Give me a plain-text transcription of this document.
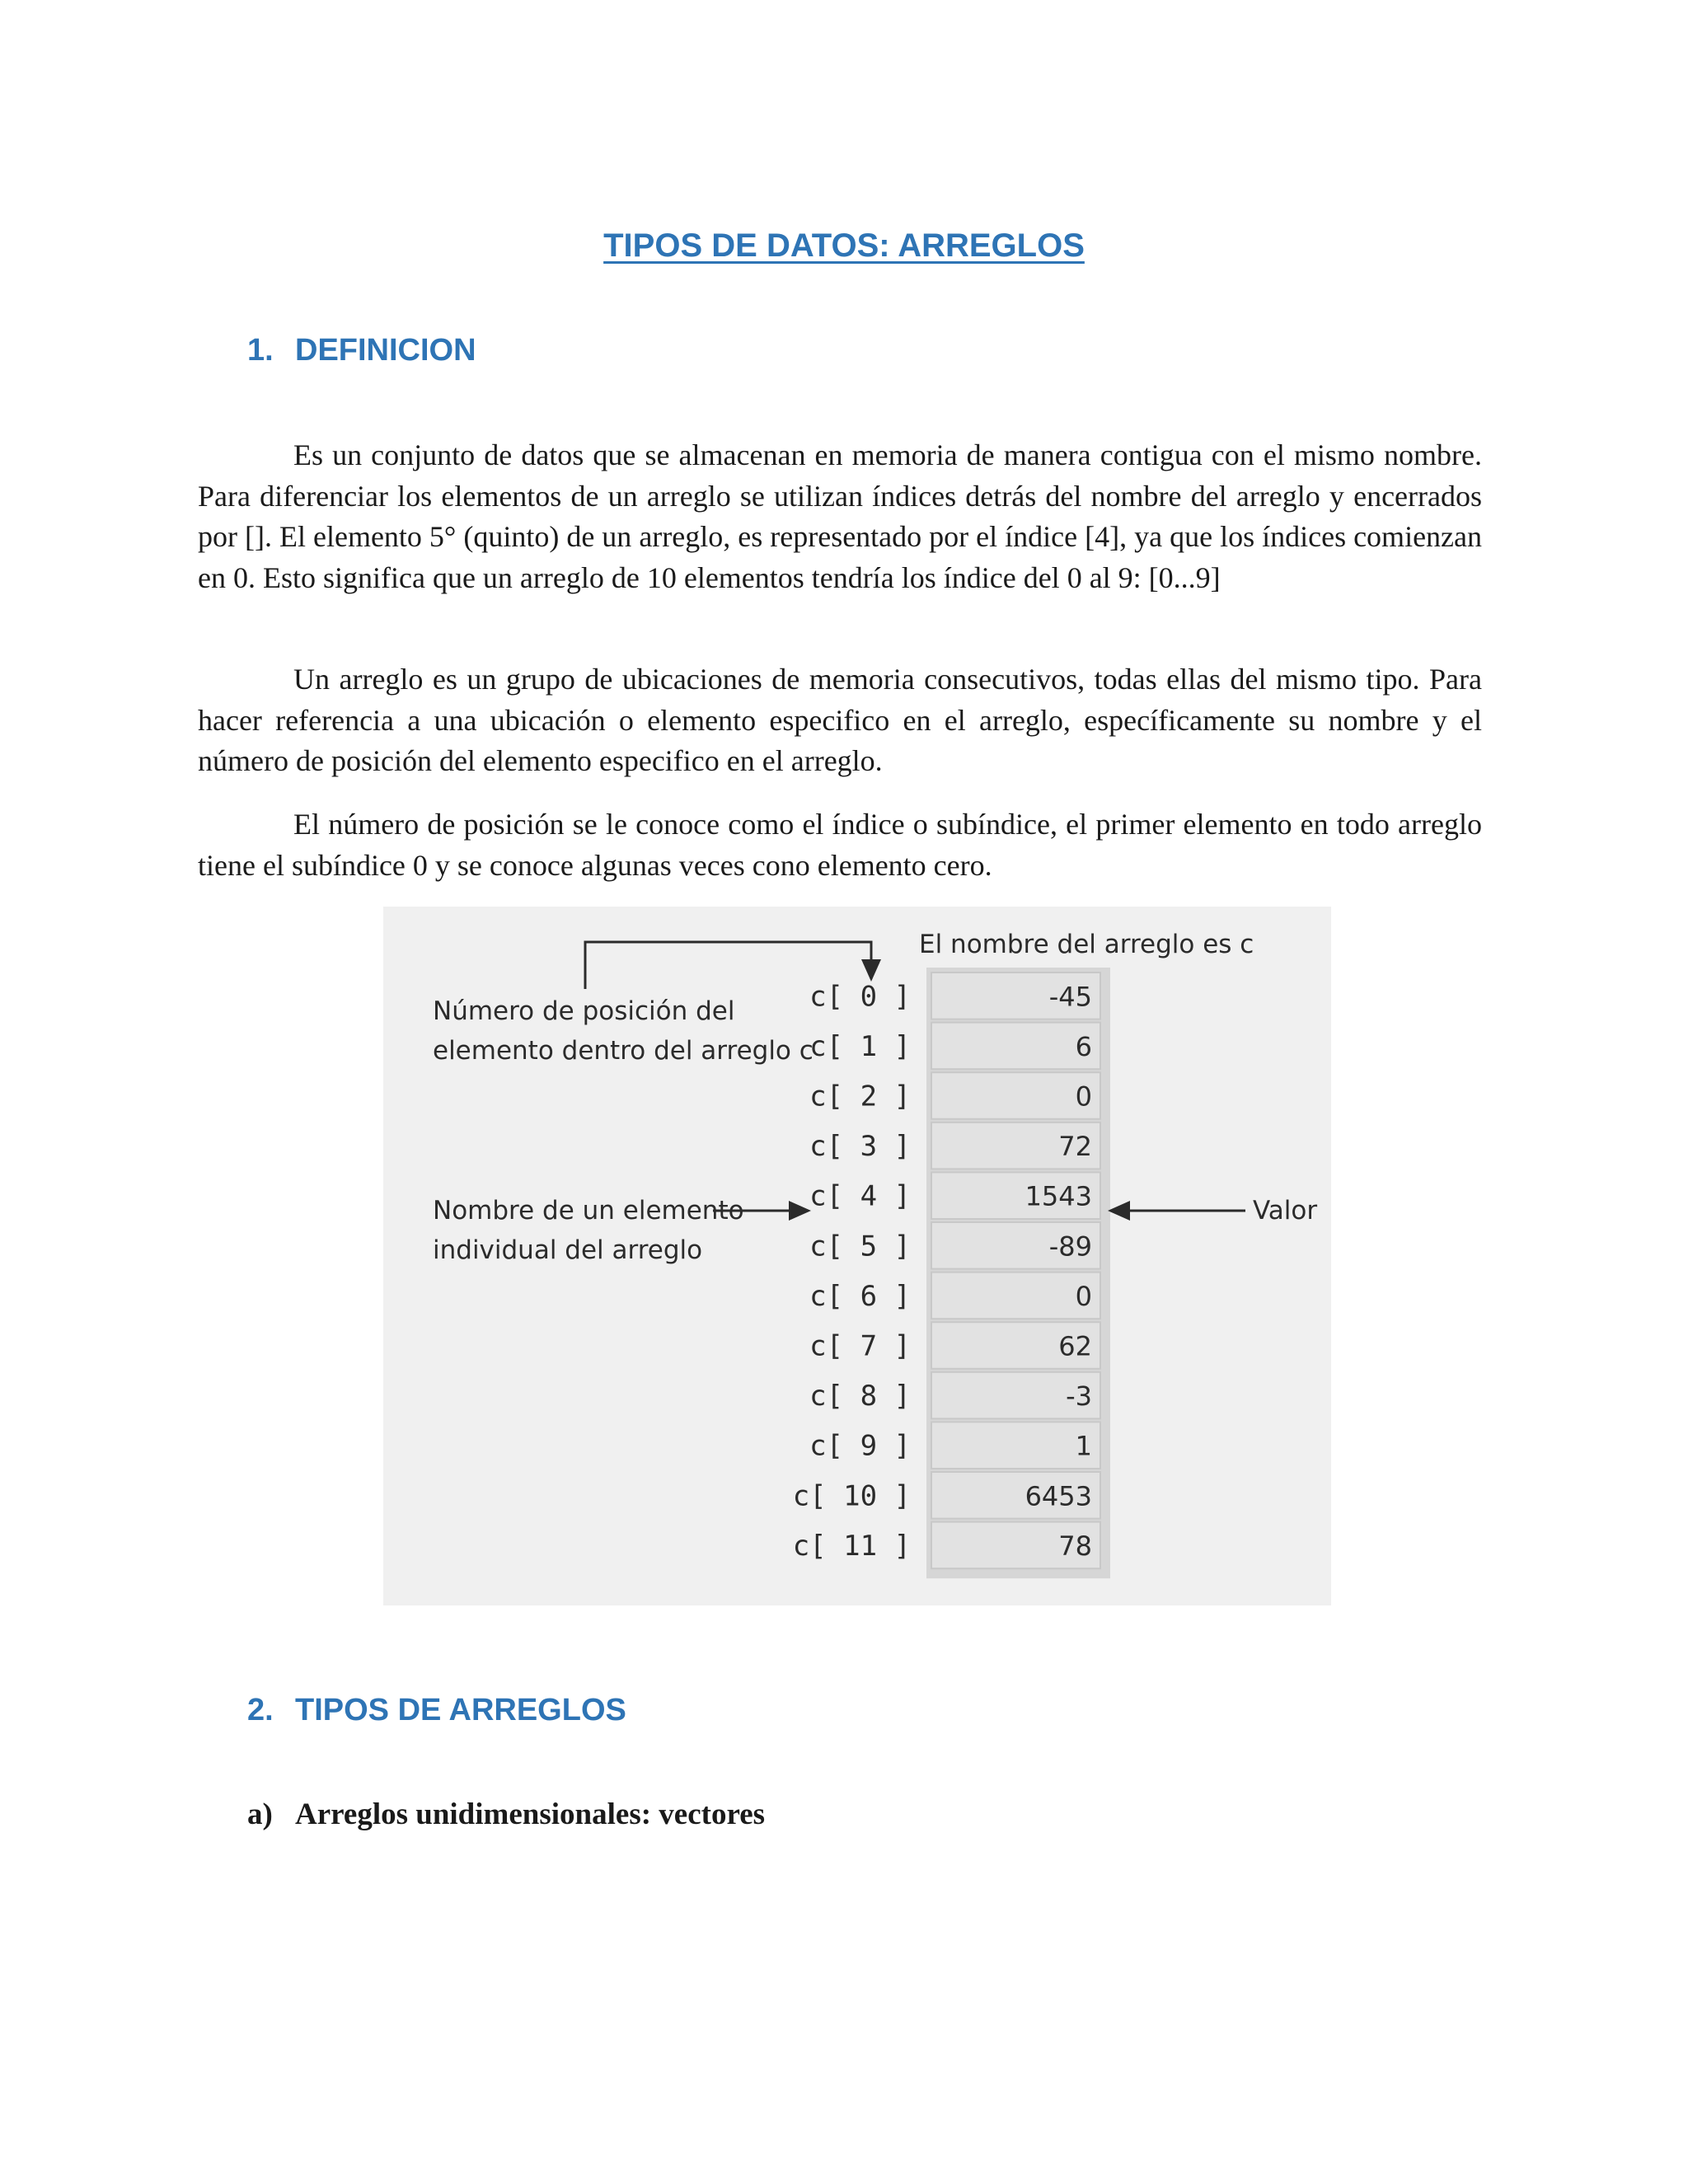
TIPOS DE DATOS: ARREGLOS
1. DEFINICION

Es un conjunto de datos que se almacenan en memoria de manera contigua con el mismo nombre. Para diferenciar los elementos de un arreglo se utilizan índices detrás del nombre del arreglo y encerrados por []. El elemento 5° (quinto) de un arreglo, es representado por el índice [4], ya que los índices comienzan en 0. Esto significa que un arreglo de 10 elementos tendría los índice del 0 al 9: [0...9]

Un arreglo es un grupo de ubicaciones de memoria consecutivos, todas ellas del mismo tipo. Para hacer referencia a una ubicación o elemento especifico en el arreglo, específicamente su nombre y el número de posición del elemento especifico en el arreglo.

El número de posición se le conoce como el índice o subíndice, el primer elemento en todo arreglo tiene el subíndice 0 y se conoce algunas veces cono elemento cero.

c[ 0 ]
c[ 1 ]
c[ 2 ]
c[ 3 ]
c[ 4 ]
c[ 5 ]
c[ 6 ]
c[ 7 ]
c[ 8 ]
c[ 9 ]
c[ 10 ]
c[ 11 ]
-45
6
0
72
1543
-89
0
62
-3
1
6453
78
El nombre del arreglo es c
Número de posición del
elemento dentro del arreglo c
Nombre de un elemento
individual del arreglo
Valor
2. TIPOS DE ARREGLOS
a) Arreglos unidimensionales: vectores
